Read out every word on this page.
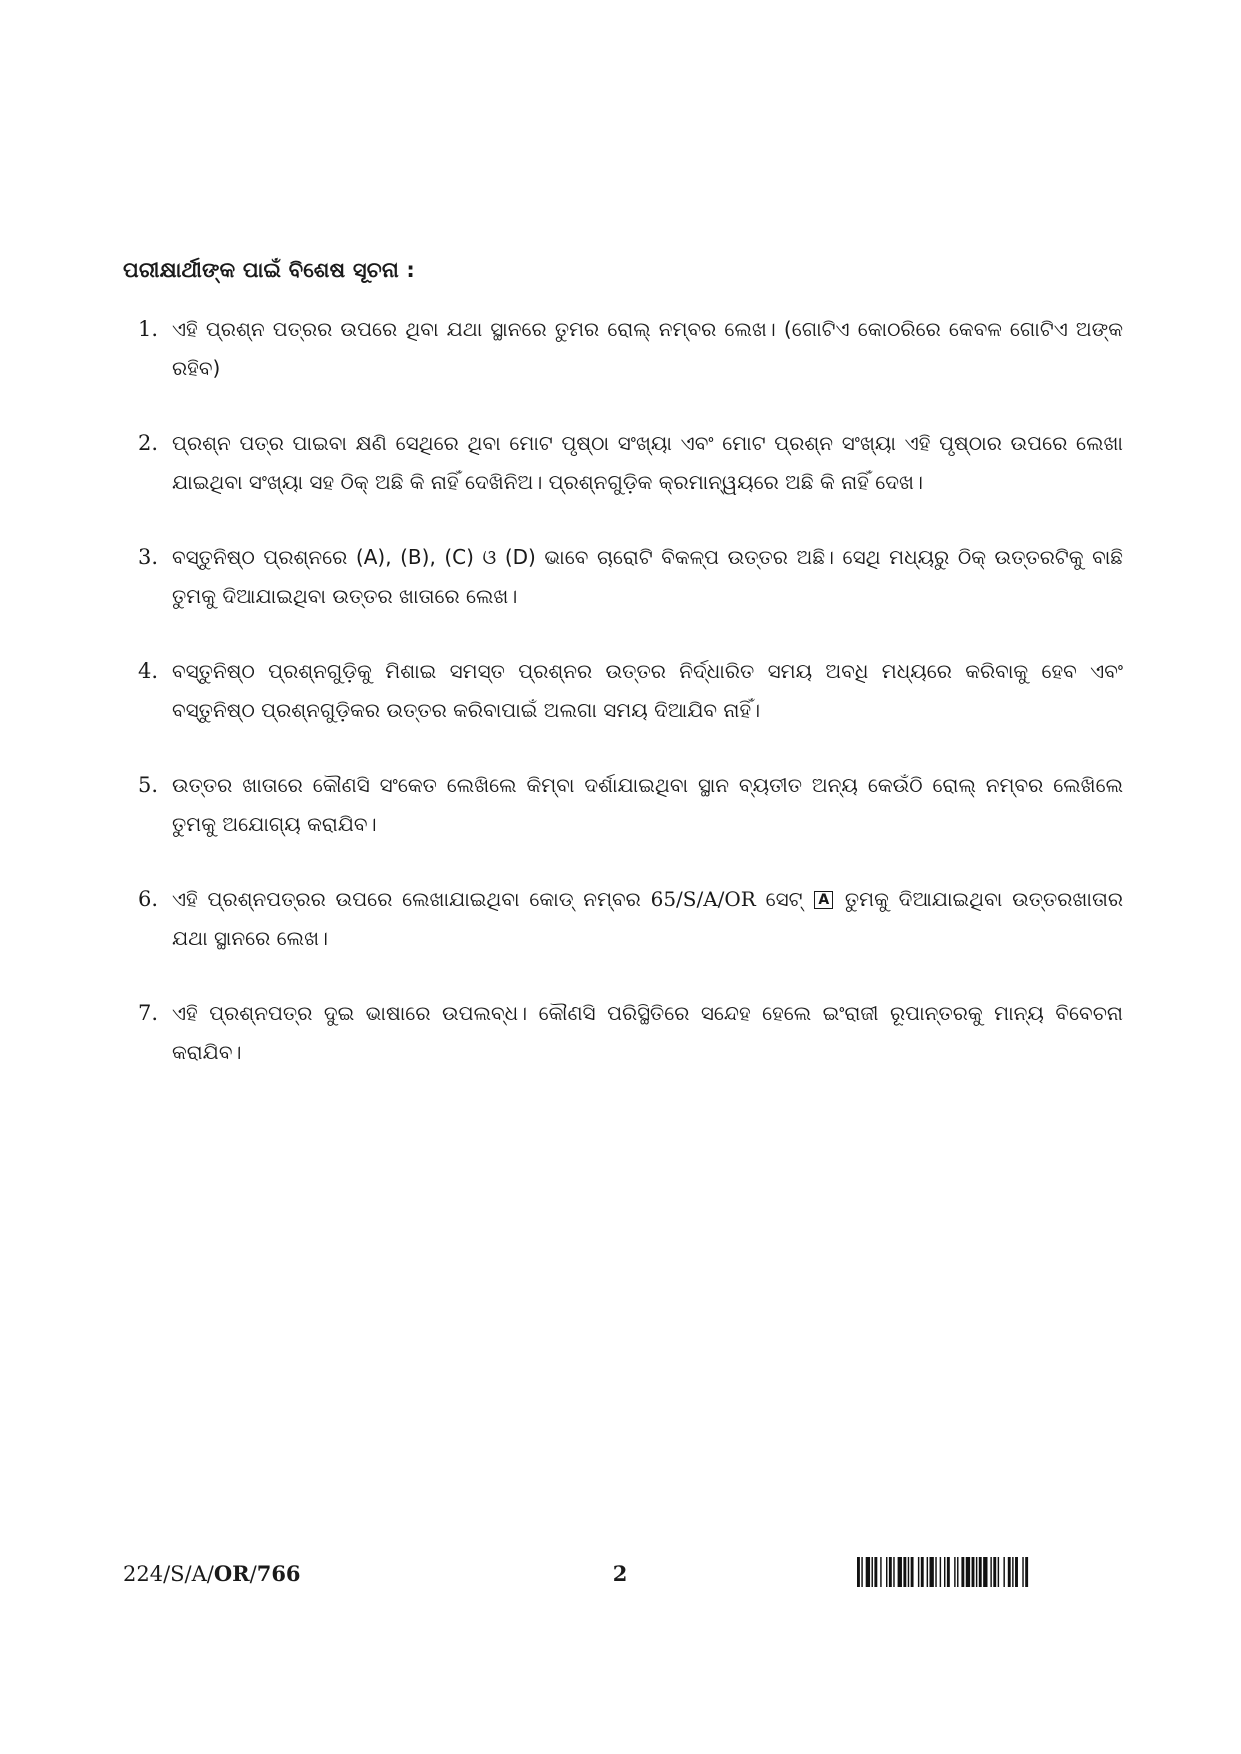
ପରୀକ୍ଷାର୍ଥୀଙ୍କ ପାଇଁ ବିଶେଷ ସୂଚନା :
1. ଏହି ପ୍ରଶ୍ନ ପତ୍ରର ଉପରେ ଥିବା ଯଥା ସ୍ଥାନରେ ତୁମର ରୋଲ୍ ନମ୍ବର ଲେଖ। (ଗୋଟିଏ କୋଠରିରେ କେବଳ ଗୋଟିଏ ଅଙ୍କ ରହିବ)
2. ପ୍ରଶ୍ନ ପତ୍ର ପାଇବା କ୍ଷଣି ସେଥିରେ ଥିବା ମୋଟ ପୃଷ୍ଠା ସଂଖ୍ୟା ଏବଂ ମୋଟ ପ୍ରଶ୍ନ ସଂଖ୍ୟା ଏହି ପୃଷ୍ଠାର ଉପରେ ଲେଖା ଯାଇଥିବା ସଂଖ୍ୟା ସହ ଠିକ୍ ଅଛି କି ନାହିଁ ଦେଖିନିଅ। ପ୍ରଶ୍ନଗୁଡ଼ିକ କ୍ରମାନ୍ୱୟରେ ଅଛି କି ନାହିଁ ଦେଖ।
3. ବସ୍ତୁନିଷ୍ଠ ପ୍ରଶ୍ନରେ (A), (B), (C) ଓ (D) ଭାବେ ଚାରୋଟି ବିକଳ୍ପ ଉତ୍ତର ଅଛି। ସେଥି ମଧ୍ୟରୁ ଠିକ୍ ଉତ୍ତରଟିକୁ ବାଛି ତୁମକୁ ଦିଆଯାଇଥିବା ଉତ୍ତର ଖାତାରେ ଲେଖ।
4. ବସ୍ତୁନିଷ୍ଠ ପ୍ରଶ୍ନଗୁଡ଼ିକୁ ମିଶାଇ ସମସ୍ତ ପ୍ରଶ୍ନର ଉତ୍ତର ନିର୍ଦ୍ଧାରିତ ସମୟ ଅବଧି ମଧ୍ୟରେ କରିବାକୁ ହେବ ଏବଂ ବସ୍ତୁନିଷ୍ଠ ପ୍ରଶ୍ନଗୁଡ଼ିକର ଉତ୍ତର କରିବାପାଇଁ ଅଲଗା ସମୟ ଦିଆଯିବ ନାହିଁ।
5. ଉତ୍ତର ଖାତାରେ କୌଣସି ସଂକେତ ଲେଖିଲେ କିମ୍ବା ଦର୍ଶାଯାଇଥିବା ସ୍ଥାନ ବ୍ୟତୀତ ଅନ୍ୟ କେଉଁଠି ରୋଲ୍ ନମ୍ବର ଲେଖିଲେ ତୁମକୁ ଅଯୋଗ୍ୟ କରାଯିବ।
6. ଏହି ପ୍ରଶ୍ନପତ୍ରର ଉପରେ ଲେଖାଯାଇଥିବା କୋଡ୍ ନମ୍ବର 65/S/A/OR ସେଟ୍ A ତୁମକୁ ଦିଆଯାଇଥିବା ଉତ୍ତରଖାତାର ଯଥା ସ୍ଥାନରେ ଲେଖ।
7. ଏହି ପ୍ରଶ୍ନପତ୍ର ଦୁଇ ଭାଷାରେ ଉପଲବ୍ଧ। କୌଣସି ପରିସ୍ଥିତିରେ ସନ୍ଦେହ ହେଲେ ଇଂରାଜୀ ରୂପାନ୍ତରକୁ ମାନ୍ୟ ବିବେଚନା କରାଯିବ।
224/S/A/OR/766	2
